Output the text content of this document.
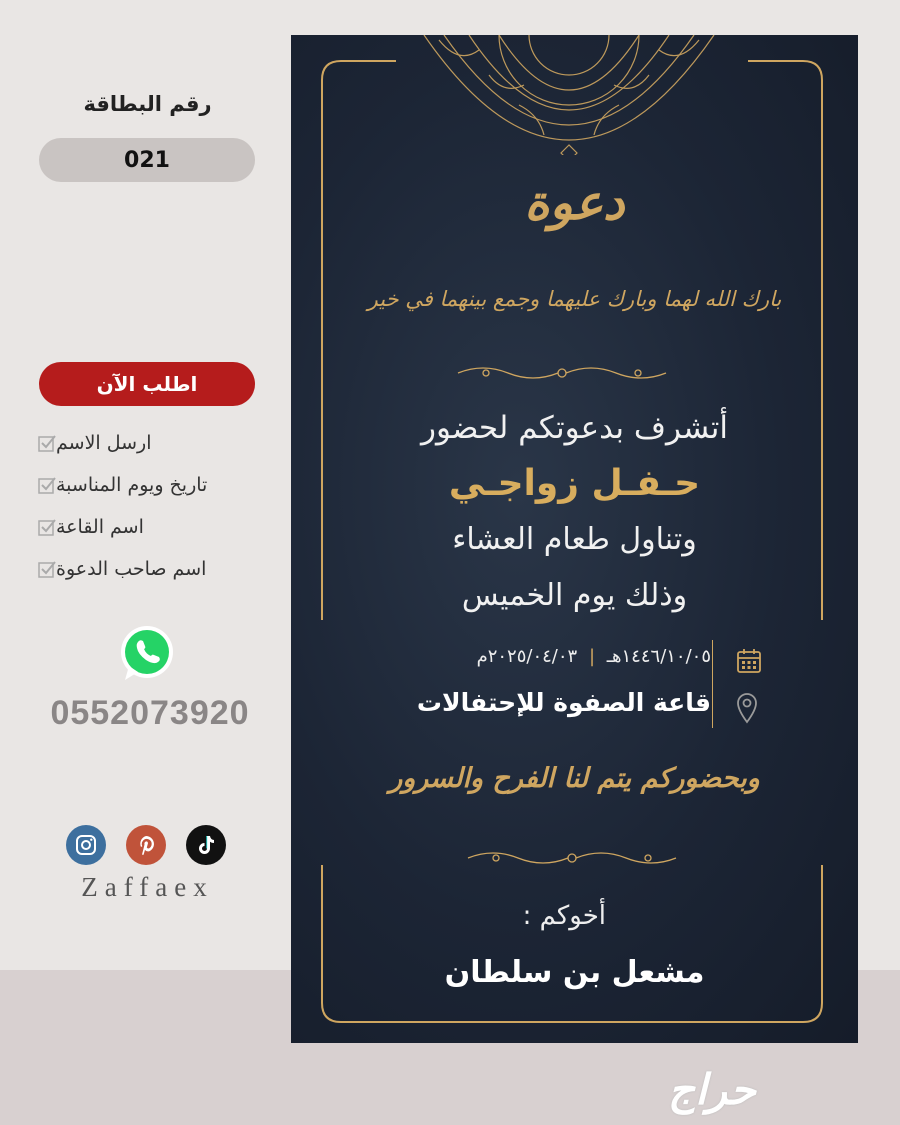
رقم البطاقة
021
اطلب الآن
ارسل الاسم
تاريخ ويوم المناسبة
اسم القاعة
اسم صاحب الدعوة
0552073920
Zaffaex
دعوة
بارك الله لهما وبارك عليهما وجمع بينهما في خير
أتشرف بدعوتكم لحضور
حـفـل زواجـي
وتناول طعام العشاء
وذلك يوم الخميس
١٤٤٦/١٠/٠٥هـ | ٢٠٢٥/٠٤/٠٣م
قاعة الصفوة للإحتفالات
وبحضوركم يتم لنا الفرح والسرور
أخوكم :
مشعل بن سلطان
حراج
